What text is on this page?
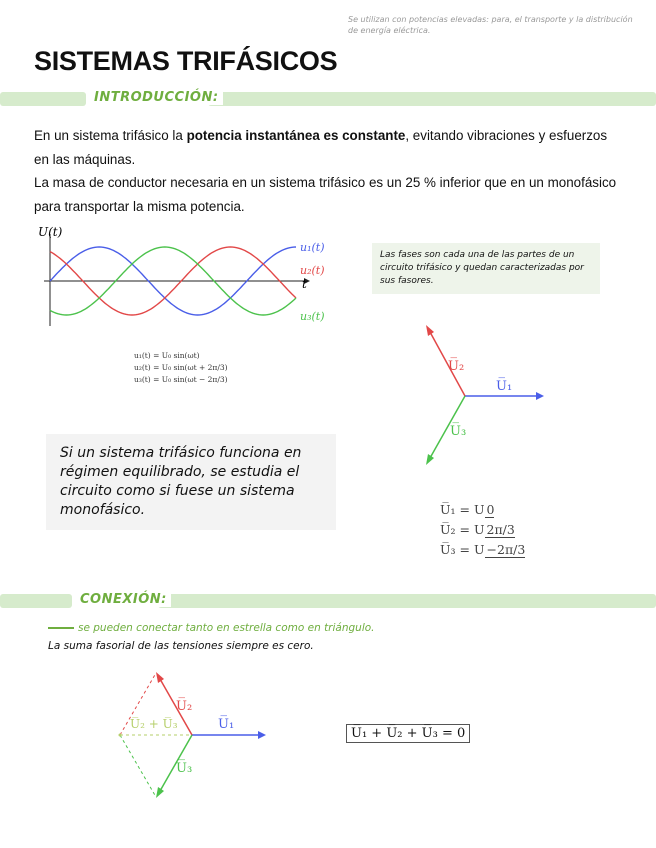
Se utilizan con potencias elevadas: para, el transporte y la distribución de energía eléctrica.
SISTEMAS TRIFÁSICOS
INTRODUCCIÓN:
En un sistema trifásico la potencia instantánea es constante, evitando vibraciones y esfuerzos en las máquinas.
La masa de conductor necesaria en un sistema trifásico es un 25 % inferior que en un monofásico para transportar la misma potencia.
U(t)
t
u₁(t)
u₂(t)
u₃(t)
u₁(t) = U₀ sin(ωt)
u₂(t) = U₀ sin(ωt + 2π/3)
u₃(t) = U₀ sin(ωt − 2π/3)
Las fases son cada una de las partes de un circuito trifásico y quedan caracterizadas por sus fasores.
U̅₁
U̅₂
U̅₃
Si un sistema trifásico funciona en régimen equilibrado, se estudia el circuito como si fuese un sistema monofásico.	U̅₁ = U 0
U̅₂ = U 2π/3
U̅₃ = U −2π/3
CONEXIÓN:
se pueden conectar tanto en estrella como en triángulo.
La suma fasorial de las tensiones siempre es cero.
U̅₁
U̅₂
U̅₃
U̅₂ + U̅₃
U̅₁ + U̅₂ + U̅₃ = 0
